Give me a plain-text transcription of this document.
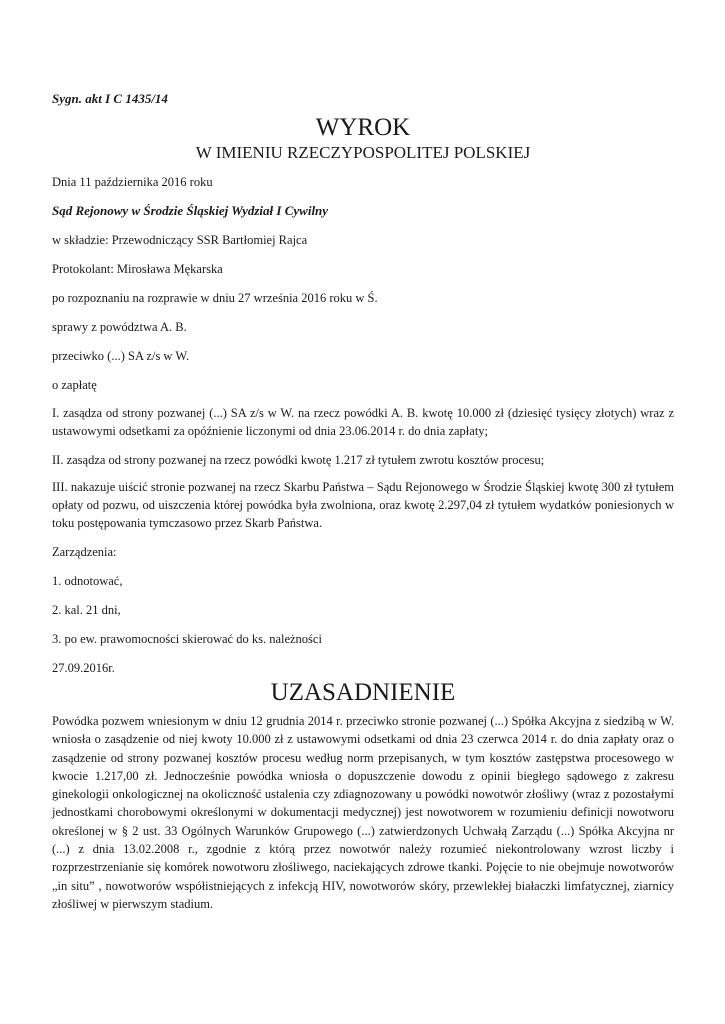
Sygn. akt I C 1435/14
WYROK
W IMIENIU RZECZYPOSPOLITEJ POLSKIEJ
Dnia 11 października 2016 roku
Sąd Rejonowy w Środzie Śląskiej Wydział I Cywilny
w składzie: Przewodniczący SSR Bartłomiej Rajca
Protokolant: Mirosława Mękarska
po rozpoznaniu na rozprawie w dniu 27 września 2016 roku w Ś.
sprawy z powództwa A. B.
przeciwko (...) SA z/s w W.
o zapłatę
I. zasądza od strony pozwanej (...) SA z/s w W. na rzecz powódki A. B. kwotę 10.000 zł (dziesięć tysięcy złotych) wraz z ustawowymi odsetkami za opóźnienie liczonymi od dnia 23.06.2014 r. do dnia zapłaty;
II. zasądza od strony pozwanej na rzecz powódki kwotę 1.217 zł tytułem zwrotu kosztów procesu;
III. nakazuje uiścić stronie pozwanej na rzecz Skarbu Państwa – Sądu Rejonowego w Środzie Śląskiej kwotę 300 zł tytułem opłaty od pozwu, od uiszczenia której powódka była zwolniona, oraz kwotę 2.297,04 zł tytułem wydatków poniesionych w toku postępowania tymczasowo przez Skarb Państwa.
Zarządzenia:
1. odnotować,
2. kal. 21 dni,
3. po ew. prawomocności skierować do ks. należności
27.09.2016r.
UZASADNIENIE
Powódka pozwem wniesionym w dniu 12 grudnia 2014 r. przeciwko stronie pozwanej (...) Spółka Akcyjna z siedzibą w W. wniosła o zasądzenie od niej kwoty 10.000 zł z ustawowymi odsetkami od dnia 23 czerwca 2014 r. do dnia zapłaty oraz o zasądzenie od strony pozwanej kosztów procesu według norm przepisanych, w tym kosztów zastępstwa procesowego w kwocie 1.217,00 zł. Jednocześnie powódka wniosła o dopuszczenie dowodu z opinii biegłego sądowego z zakresu ginekologii onkologicznej na okoliczność ustalenia czy zdiagnozowany u powódki nowotwór złośliwy (wraz z pozostałymi jednostkami chorobowymi określonymi w dokumentacji medycznej) jest nowotworem w rozumieniu definicji nowotworu określonej w § 2 ust. 33 Ogólnych Warunków Grupowego (...) zatwierdzonych Uchwałą Zarządu (...) Spółka Akcyjna nr (...) z dnia 13.02.2008 r., zgodnie z którą przez nowotwór należy rozumieć niekontrolowany wzrost liczby i rozprzestrzenianie się komórek nowotworu złośliwego, naciekających zdrowe tkanki. Pojęcie to nie obejmuje nowotworów „in situ” , nowotworów współistniejących z infekcją HIV, nowotworów skóry, przewlekłej białaczki limfatycznej, ziarnicy złośliwej w pierwszym stadium.
